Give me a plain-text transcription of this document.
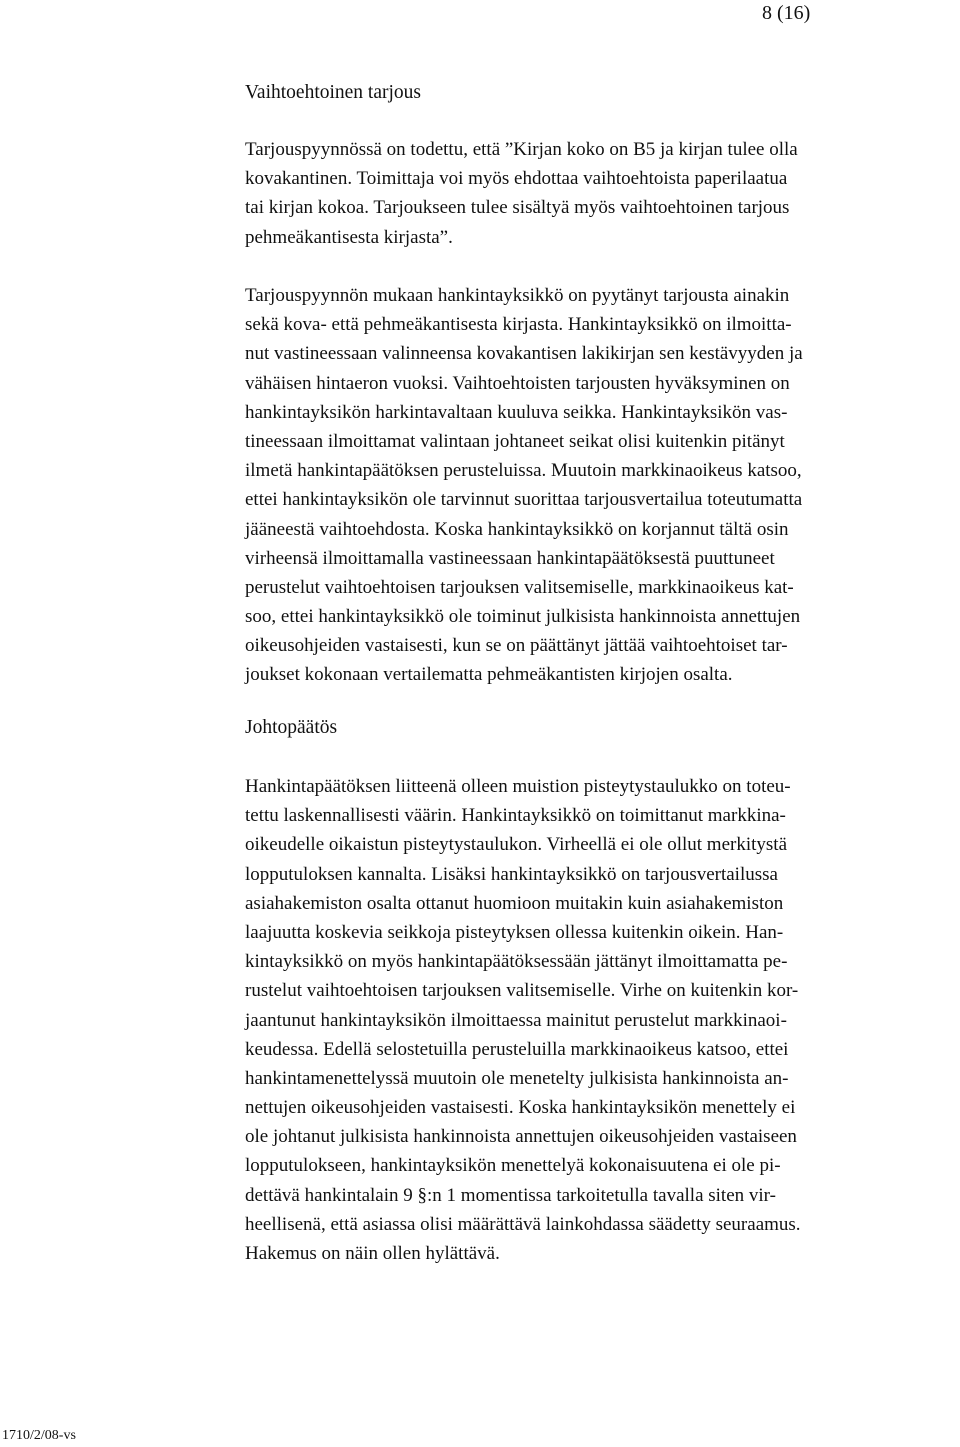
8 (16)
Vaihtoehtoinen tarjous
Tarjouspyynnössä on todettu, että ”Kirjan koko on B5 ja kirjan tulee olla
kovakantinen. Toimittaja voi myös ehdottaa vaihtoehtoista paperilaatua
tai kirjan kokoa. Tarjoukseen tulee sisältyä myös vaihtoehtoinen tarjous
pehmeäkantisesta kirjasta”.
Tarjouspyynnön mukaan hankintayksikkö on pyytänyt tarjousta ainakin
sekä kova- että pehmeäkantisesta kirjasta. Hankintayksikkö on ilmoitta-
nut vastineessaan valinneensa kovakantisen lakikirjan sen kestävyyden ja
vähäisen hintaeron vuoksi. Vaihtoehtoisten tarjousten hyväksyminen on
hankintayksikön harkintavaltaan kuuluva seikka. Hankintayksikön vas-
tineessaan ilmoittamat valintaan johtaneet seikat olisi kuitenkin pitänyt
ilmetä hankintapäätöksen perusteluissa. Muutoin markkinaoikeus katsoo,
ettei hankintayksikön ole tarvinnut suorittaa tarjousvertailua toteutumatta
jääneestä vaihtoehdosta. Koska hankintayksikkö on korjannut tältä osin
virheensä ilmoittamalla vastineessaan hankintapäätöksestä puuttuneet
perustelut vaihtoehtoisen tarjouksen valitsemiselle, markkinaoikeus kat-
soo, ettei hankintayksikkö ole toiminut julkisista hankinnoista annettujen
oikeusohjeiden vastaisesti, kun se on päättänyt jättää vaihtoehtoiset tar-
joukset kokonaan vertailematta pehmeäkantisten kirjojen osalta.
Johtopäätös
Hankintapäätöksen liitteenä olleen muistion pisteytystaulukko on toteu-
tettu laskennallisesti väärin. Hankintayksikkö on toimittanut markkina-
oikeudelle oikaistun pisteytystaulukon. Virheellä ei ole ollut merkitystä
lopputuloksen kannalta. Lisäksi hankintayksikkö on tarjousvertailussa
asiahakemiston osalta ottanut huomioon muitakin kuin asiahakemiston
laajuutta koskevia seikkoja pisteytyksen ollessa kuitenkin oikein. Han-
kintayksikkö on myös hankintapäätöksessään jättänyt ilmoittamatta pe-
rustelut vaihtoehtoisen tarjouksen valitsemiselle. Virhe on kuitenkin kor-
jaantunut hankintayksikön ilmoittaessa mainitut perustelut markkinaoi-
keudessa. Edellä selostetuilla perusteluilla markkinaoikeus katsoo, ettei
hankintamenettelyssä muutoin ole menetelty julkisista hankinnoista an-
nettujen oikeusohjeiden vastaisesti. Koska hankintayksikön menettely ei
ole johtanut julkisista hankinnoista annettujen oikeusohjeiden vastaiseen
lopputulokseen, hankintayksikön menettelyä kokonaisuutena ei ole pi-
dettävä hankintalain 9 §:n 1 momentissa tarkoitetulla tavalla siten vir-
heellisenä, että asiassa olisi määrättävä lainkohdassa säädetty seuraamus.
Hakemus on näin ollen hylättävä.
1710/2/08-vs
